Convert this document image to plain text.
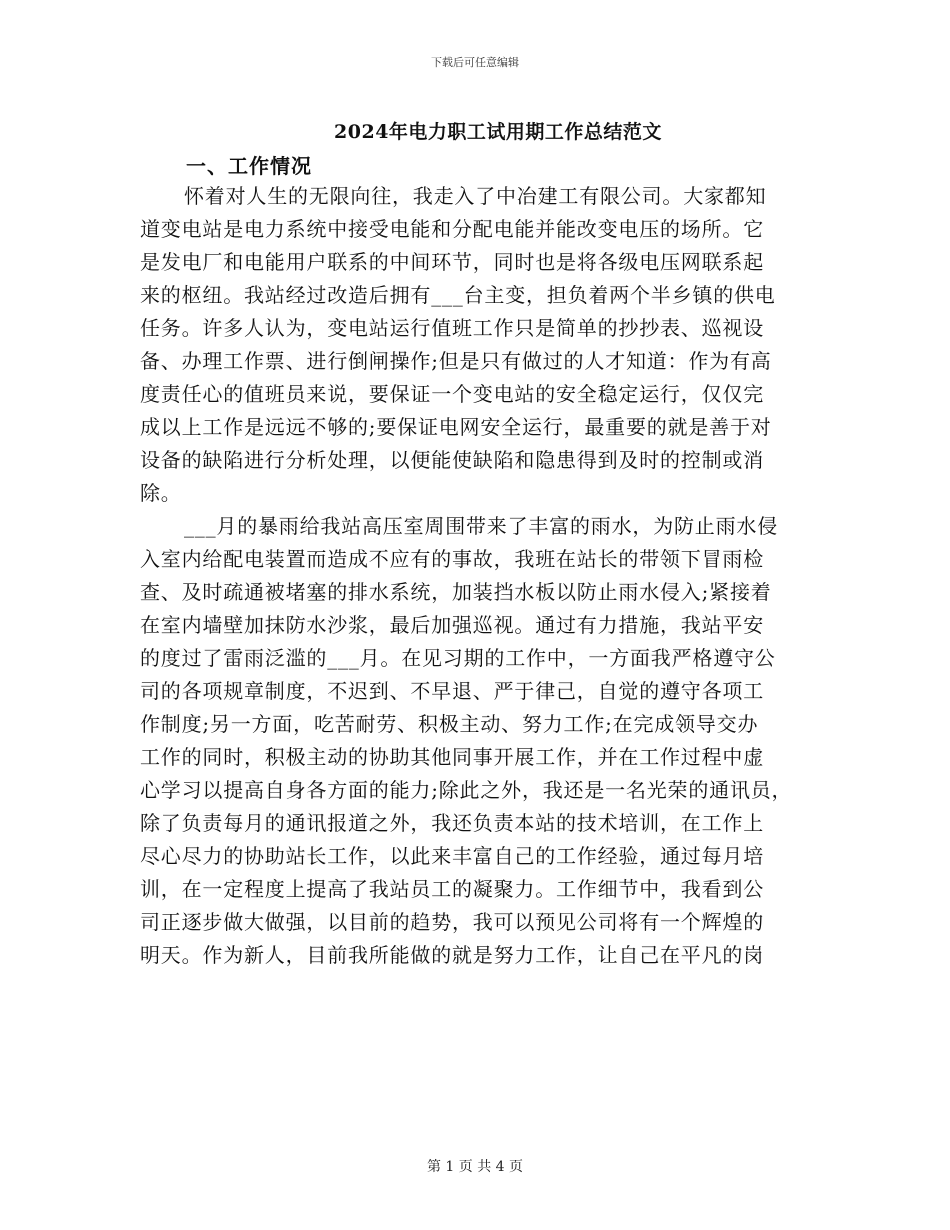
下载后可任意编辑
2024年电力职工试用期工作总结范文
一、工作情况
怀着对人生的无限向往，我走入了中冶建工有限公司。大家都知
道变电站是电力系统中接受电能和分配电能并能改变电压的场所。它
是发电厂和电能用户联系的中间环节，同时也是将各级电压网联系起
来的枢纽。我站经过改造后拥有___台主变，担负着两个半乡镇的供电
任务。许多人认为，变电站运行值班工作只是简单的抄抄表、巡视设
备、办理工作票、进行倒闸操作;但是只有做过的人才知道：作为有高
度责任心的值班员来说，要保证一个变电站的安全稳定运行，仅仅完
成以上工作是远远不够的;要保证电网安全运行，最重要的就是善于对
设备的缺陷进行分析处理，以便能使缺陷和隐患得到及时的控制或消
除。
___月的暴雨给我站高压室周围带来了丰富的雨水，为防止雨水侵
入室内给配电装置而造成不应有的事故，我班在站长的带领下冒雨检
查、及时疏通被堵塞的排水系统，加装挡水板以防止雨水侵入;紧接着
在室内墙壁加抹防水沙浆，最后加强巡视。通过有力措施，我站平安
的度过了雷雨泛滥的___月。在见习期的工作中，一方面我严格遵守公
司的各项规章制度，不迟到、不早退、严于律己，自觉的遵守各项工
作制度;另一方面，吃苦耐劳、积极主动、努力工作;在完成领导交办
工作的同时，积极主动的协助其他同事开展工作，并在工作过程中虚
心学习以提高自身各方面的能力;除此之外，我还是一名光荣的通讯员，
除了负责每月的通讯报道之外，我还负责本站的技术培训，在工作上
尽心尽力的协助站长工作，以此来丰富自己的工作经验，通过每月培
训，在一定程度上提高了我站员工的凝聚力。工作细节中，我看到公
司正逐步做大做强，以目前的趋势，我可以预见公司将有一个辉煌的
明天。作为新人，目前我所能做的就是努力工作，让自己在平凡的岗
第 1 页 共 4 页
